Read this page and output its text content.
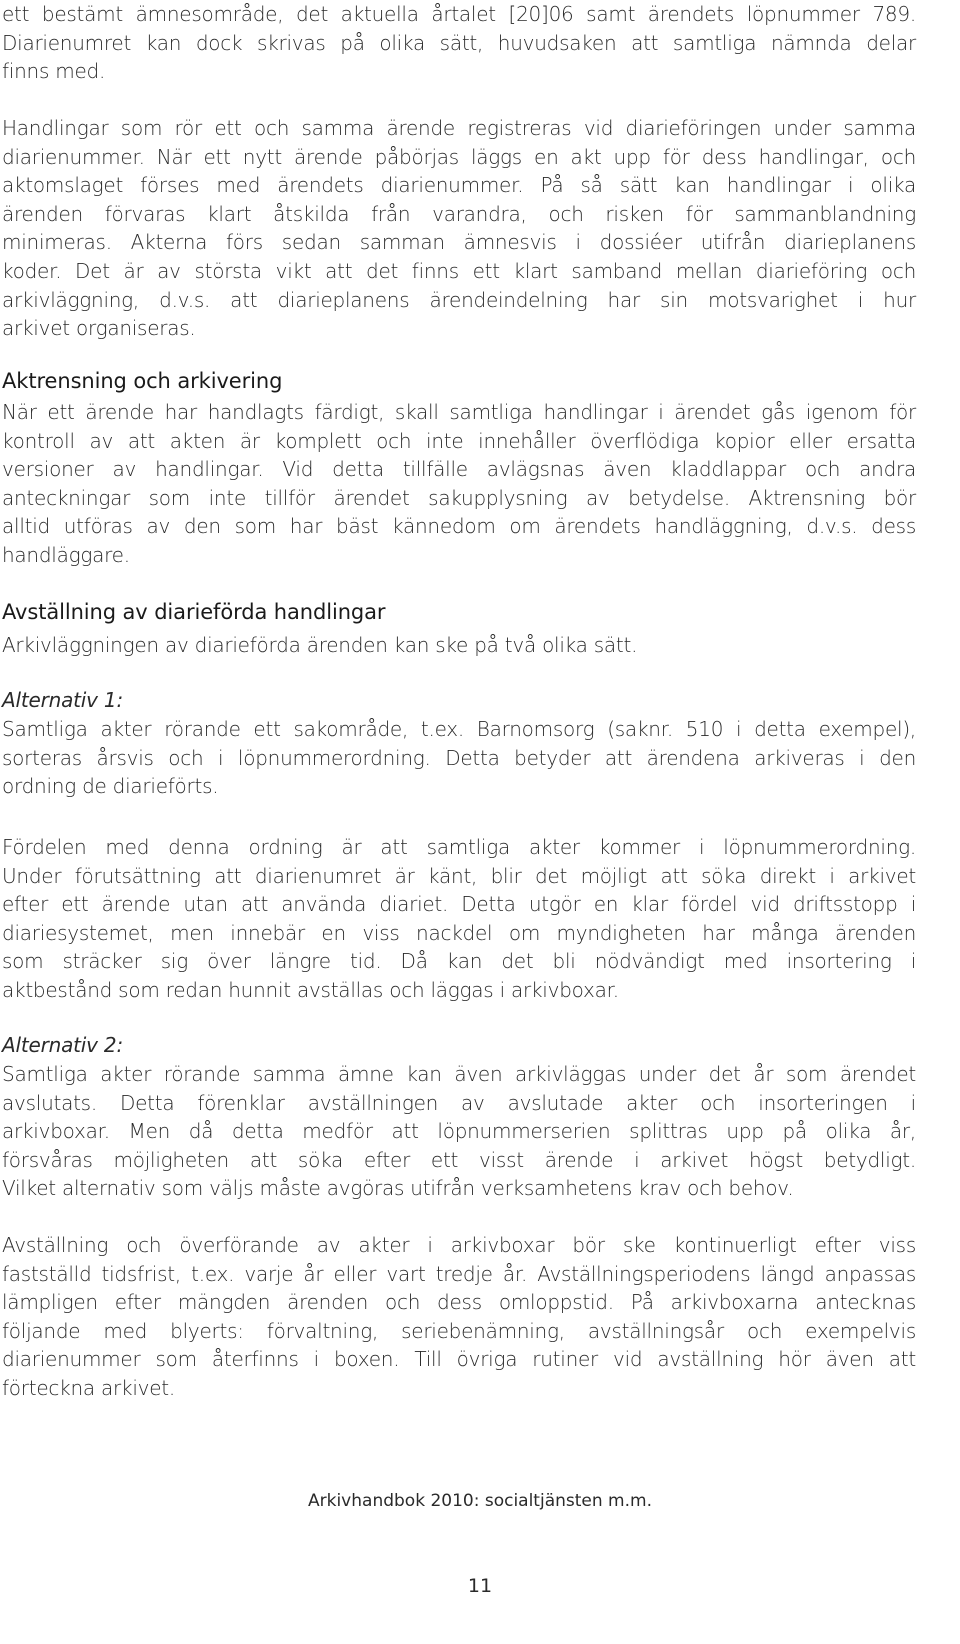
ett bestämt ämnesområde, det aktuella årtalet [20]06 samt ärendets löpnummer 789.
Diarienumret kan dock skrivas på olika sätt, huvudsaken att samtliga nämnda delar
finns med.
Handlingar som rör ett och samma ärende registreras vid diarieföringen under samma
diarienummer. När ett nytt ärende påbörjas läggs en akt upp för dess handlingar, och
aktomslaget förses med ärendets diarienummer. På så sätt kan handlingar i olika
ärenden förvaras klart åtskilda från varandra, och risken för sammanblandning
minimeras. Akterna förs sedan samman ämnesvis i dossiéer utifrån diarieplanens
koder. Det är av största vikt att det finns ett klart samband mellan diarieföring och
arkivläggning, d.v.s. att diarieplanens ärendeindelning har sin motsvarighet i hur
arkivet organiseras.
Aktrensning och arkivering
När ett ärende har handlagts färdigt, skall samtliga handlingar i ärendet gås igenom för
kontroll av att akten är komplett och inte innehåller överflödiga kopior eller ersatta
versioner av handlingar. Vid detta tillfälle avlägsnas även kladdlappar och andra
anteckningar som inte tillför ärendet sakupplysning av betydelse. Aktrensning bör
alltid utföras av den som har bäst kännedom om ärendets handläggning, d.v.s. dess
handläggare.
Avställning av diarieförda handlingar
Arkivläggningen av diarieförda ärenden kan ske på två olika sätt.

Alternativ 1:

Samtliga akter rörande ett sakområde, t.ex. Barnomsorg (saknr. 510 i detta exempel),
sorteras årsvis och i löpnummerordning. Detta betyder att ärendena arkiveras i den
ordning de diarieförts.
Fördelen med denna ordning är att samtliga akter kommer i löpnummerordning.
Under förutsättning att diarienumret är känt, blir det möjligt att söka direkt i arkivet
efter ett ärende utan att använda diariet. Detta utgör en klar fördel vid driftsstopp i
diariesystemet, men innebär en viss nackdel om myndigheten har många ärenden
som sträcker sig över längre tid. Då kan det bli nödvändigt med insortering i
aktbestånd som redan hunnit avställas och läggas i arkivboxar.

Alternativ 2:

Samtliga akter rörande samma ämne kan även arkivläggas under det år som ärendet
avslutats. Detta förenklar avställningen av avslutade akter och insorteringen i
arkivboxar. Men då detta medför att löpnummerserien splittras upp på olika år,
försvåras möjligheten att söka efter ett visst ärende i arkivet högst betydligt.
Vilket alternativ som väljs måste avgöras utifrån verksamhetens krav och behov.
Avställning och överförande av akter i arkivboxar bör ske kontinuerligt efter viss
fastställd tidsfrist, t.ex. varje år eller vart tredje år. Avställningsperiodens längd anpassas
lämpligen efter mängden ärenden och dess omloppstid. På arkivboxarna antecknas
följande med blyerts: förvaltning, seriebenämning, avställningsår och exempelvis
diarienummer som återfinns i boxen. Till övriga rutiner vid avställning hör även att
förteckna arkivet.
Arkivhandbok 2010: socialtjänsten m.m.
11
